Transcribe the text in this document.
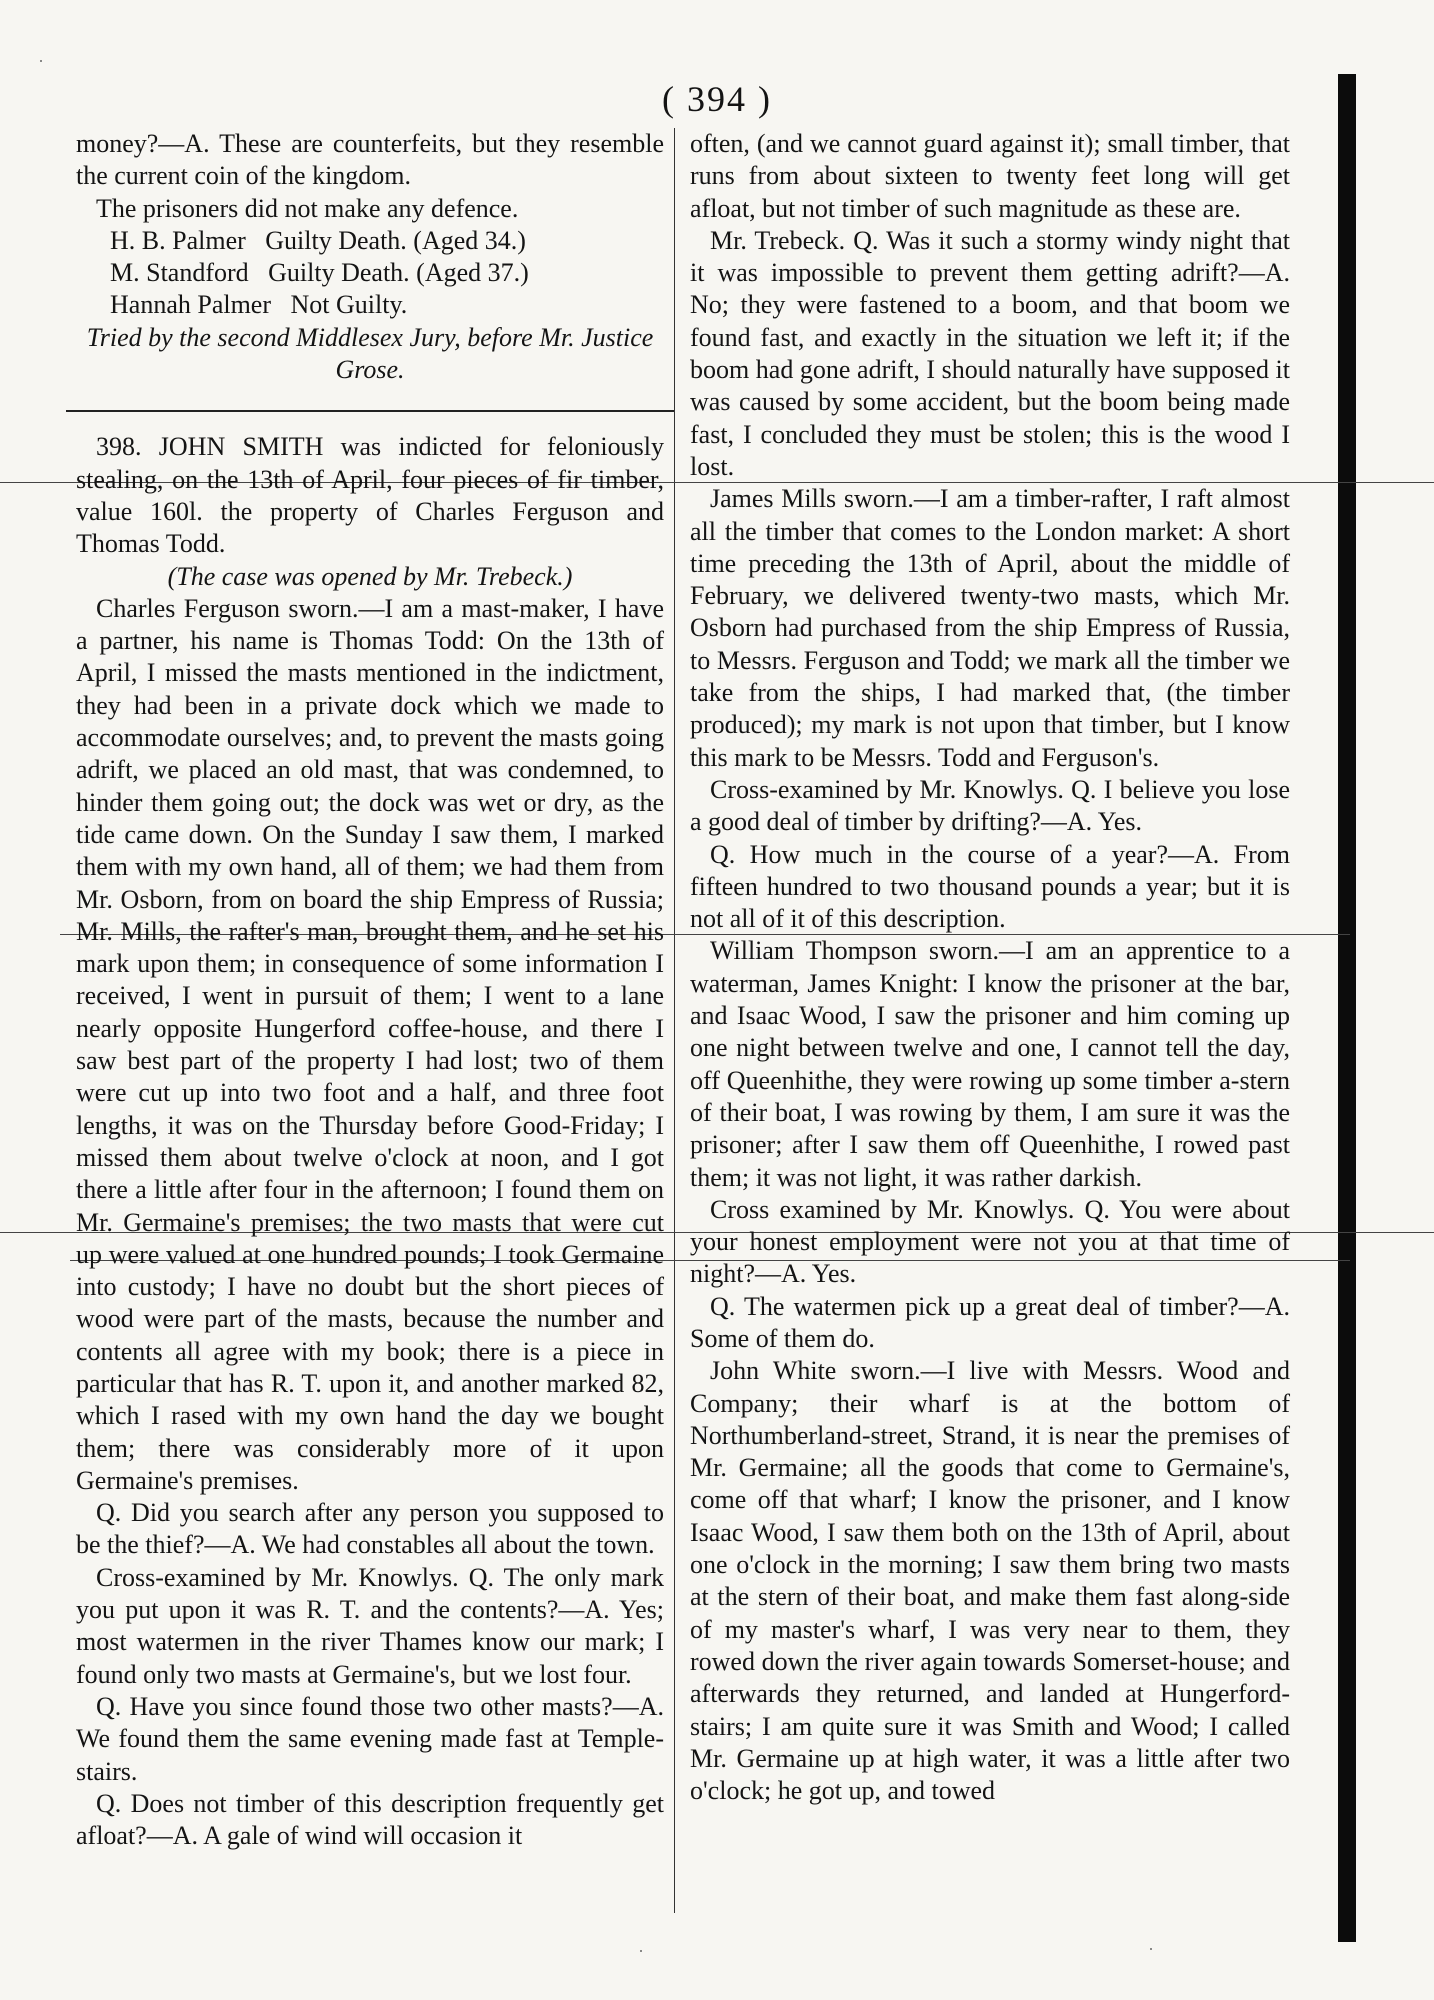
( 394 )

money?—A. These are counterfeits, but they resemble the current coin of the kingdom.

The prisoners did not make any defence.

H. B. Palmer   Guilty Death. (Aged 34.)

M. Standford   Guilty Death. (Aged 37.)

Hannah Palmer   Not Guilty.

Tried by the second Middlesex Jury, before Mr. Justice Grose.

398. JOHN SMITH was indicted for feloniously stealing, on the 13th of April, four pieces of fir timber, value 160l. the property of Charles Ferguson and Thomas Todd.

(The case was opened by Mr. Trebeck.)

Charles Ferguson sworn.—I am a mast-maker, I have a partner, his name is Thomas Todd: On the 13th of April, I missed the masts mentioned in the indictment, they had been in a private dock which we made to accommodate ourselves; and, to prevent the masts going adrift, we placed an old mast, that was condemned, to hinder them going out; the dock was wet or dry, as the tide came down. On the Sunday I saw them, I marked them with my own hand, all of them; we had them from Mr. Osborn, from on board the ship Empress of Russia; Mr. Mills, the rafter's man, brought them, and he set his mark upon them; in consequence of some information I received, I went in pursuit of them; I went to a lane nearly opposite Hungerford coffee-house, and there I saw best part of the property I had lost; two of them were cut up into two foot and a half, and three foot lengths, it was on the Thursday before Good-Friday; I missed them about twelve o'clock at noon, and I got there a little after four in the afternoon; I found them on Mr. Germaine's premises; the two masts that were cut up were valued at one hundred pounds; I took Germaine into custody; I have no doubt but the short pieces of wood were part of the masts, because the number and contents all agree with my book; there is a piece in particular that has R. T. upon it, and another marked 82, which I rased with my own hand the day we bought them; there was considerably more of it upon Germaine's premises.

Q. Did you search after any person you supposed to be the thief?—A. We had constables all about the town.

Cross-examined by Mr. Knowlys. Q. The only mark you put upon it was R. T. and the contents?—A. Yes; most watermen in the river Thames know our mark; I found only two masts at Germaine's, but we lost four.

Q. Have you since found those two other masts?—A. We found them the same evening made fast at Temple-stairs.

Q. Does not timber of this description frequently get afloat?—A. A gale of wind will occasion it

often, (and we cannot guard against it); small timber, that runs from about sixteen to twenty feet long will get afloat, but not timber of such magnitude as these are.

Mr. Trebeck. Q. Was it such a stormy windy night that it was impossible to prevent them getting adrift?—A. No; they were fastened to a boom, and that boom we found fast, and exactly in the situation we left it; if the boom had gone adrift, I should naturally have supposed it was caused by some accident, but the boom being made fast, I concluded they must be stolen; this is the wood I lost.

James Mills sworn.—I am a timber-rafter, I raft almost all the timber that comes to the London market: A short time preceding the 13th of April, about the middle of February, we delivered twenty-two masts, which Mr. Osborn had purchased from the ship Empress of Russia, to Messrs. Ferguson and Todd; we mark all the timber we take from the ships, I had marked that, (the timber produced); my mark is not upon that timber, but I know this mark to be Messrs. Todd and Ferguson's.

Cross-examined by Mr. Knowlys. Q. I believe you lose a good deal of timber by drifting?—A. Yes.

Q. How much in the course of a year?—A. From fifteen hundred to two thousand pounds a year; but it is not all of it of this description.

William Thompson sworn.—I am an apprentice to a waterman, James Knight: I know the prisoner at the bar, and Isaac Wood, I saw the prisoner and him coming up one night between twelve and one, I cannot tell the day, off Queenhithe, they were rowing up some timber a-stern of their boat, I was rowing by them, I am sure it was the prisoner; after I saw them off Queenhithe, I rowed past them; it was not light, it was rather darkish.

Cross examined by Mr. Knowlys. Q. You were about your honest employment were not you at that time of night?—A. Yes.

Q. The watermen pick up a great deal of timber?—A. Some of them do.

John White sworn.—I live with Messrs. Wood and Company; their wharf is at the bottom of Northumberland-street, Strand, it is near the premises of Mr. Germaine; all the goods that come to Germaine's, come off that wharf; I know the prisoner, and I know Isaac Wood, I saw them both on the 13th of April, about one o'clock in the morning; I saw them bring two masts at the stern of their boat, and make them fast along-side of my master's wharf, I was very near to them, they rowed down the river again towards Somerset-house; and afterwards they returned, and landed at Hungerford-stairs; I am quite sure it was Smith and Wood; I called Mr. Germaine up at high water, it was a little after two o'clock; he got up, and towed
